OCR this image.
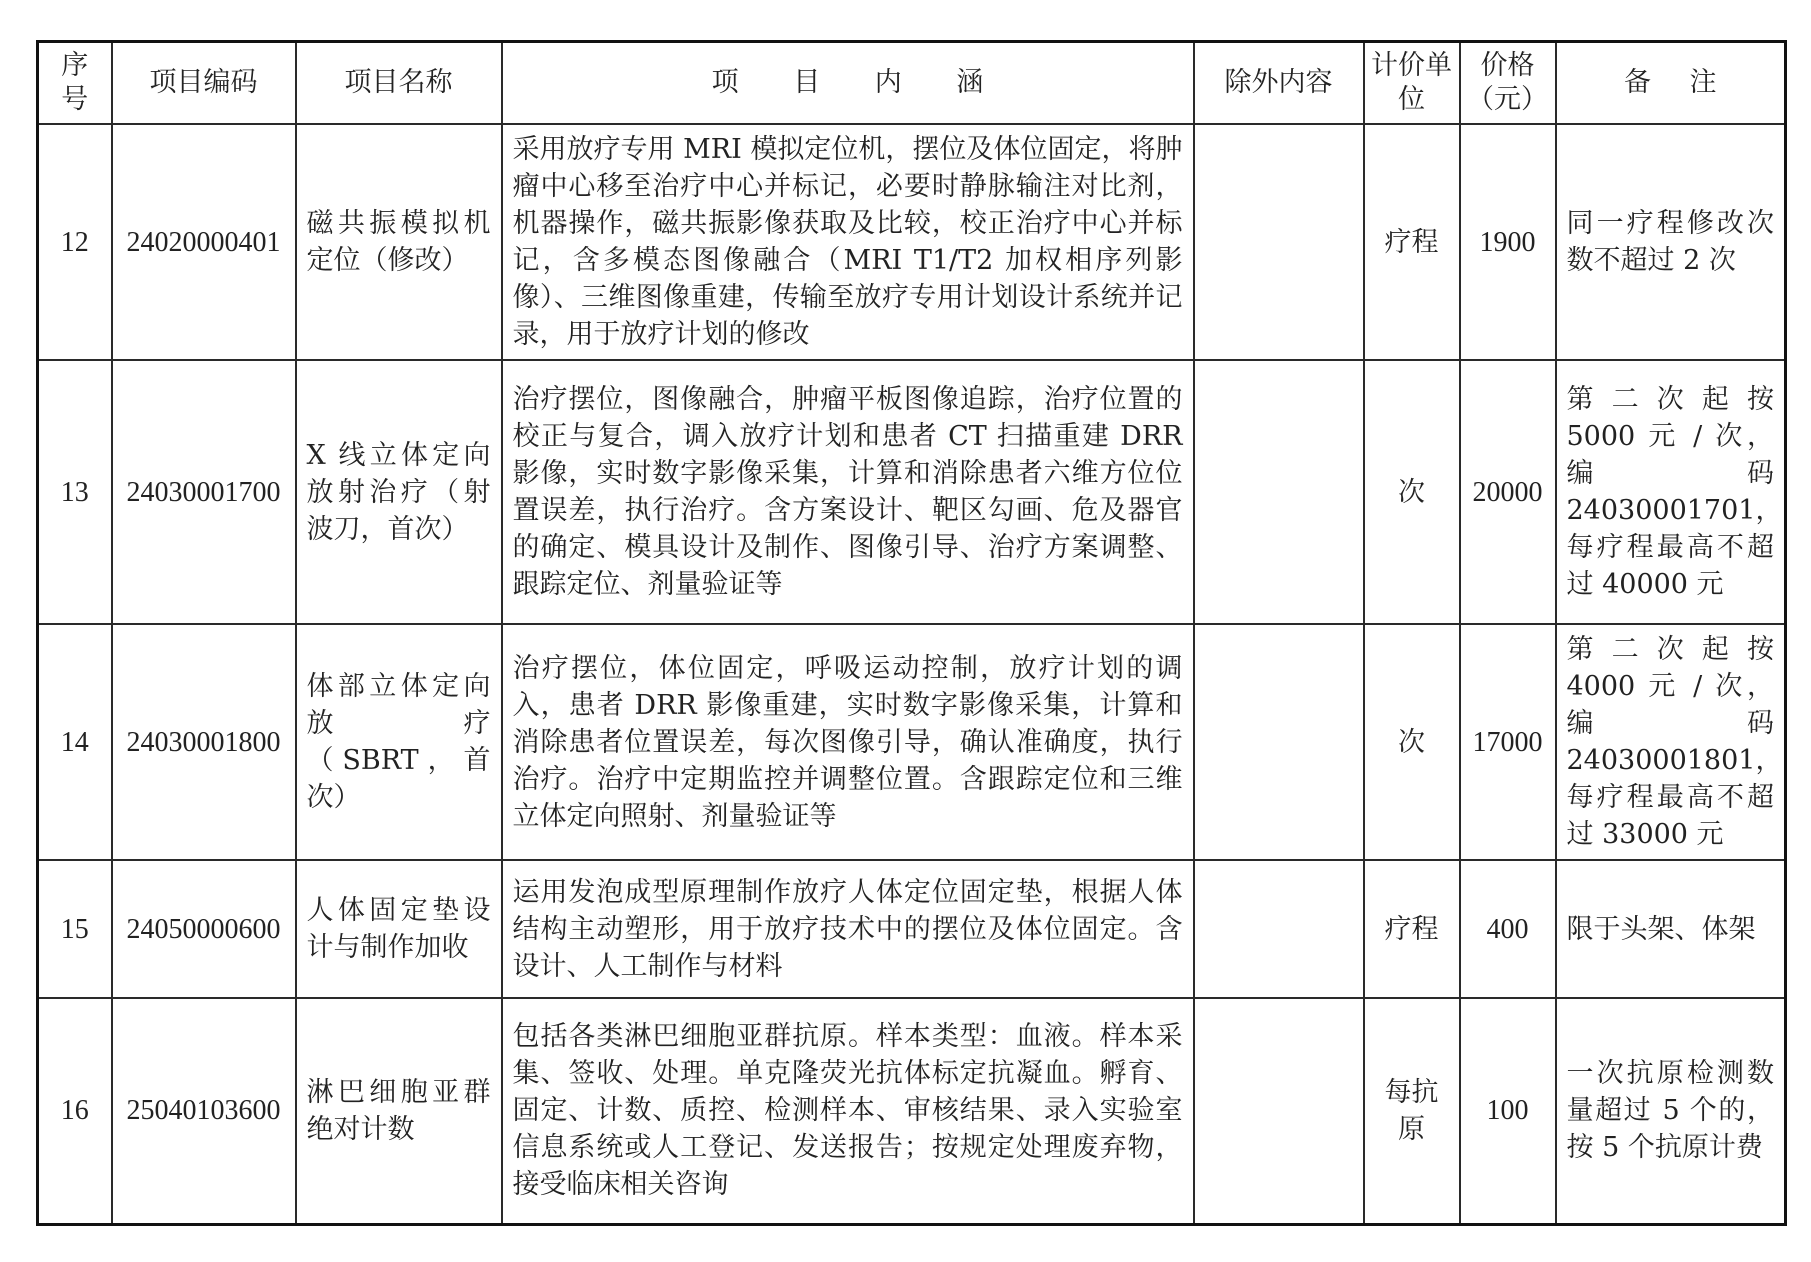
序号	项目编码	项目名称	项 目 内 涵	除外内容	计价单位	价格（元）	备 注
12	24020000401	磁共振模拟机定位（修改）	采用放疗专用 MRI 模拟定位机，摆位及体位固定，将肿瘤中心移至治疗中心并标记，必要时静脉输注对比剂，机器操作，磁共振影像获取及比较，校正治疗中心并标记，含多模态图像融合（MRI T1/T2 加权相序列影像）、三维图像重建，传输至放疗专用计划设计系统并记录，用于放疗计划的修改		疗程	1900	同一疗程修改次数不超过 2 次
13	24030001700	X 线立体定向放射治疗（射波刀，首次）	治疗摆位，图像融合，肿瘤平板图像追踪，治疗位置的校正与复合，调入放疗计划和患者 CT 扫描重建 DRR 影像，实时数字影像采集，计算和消除患者六维方位位置误差，执行治疗。含方案设计、靶区勾画、危及器官的确定、模具设计及制作、图像引导、治疗方案调整、跟踪定位、剂量验证等		次	20000	第二次起按 5000 元 / 次， 编 码 24030001701，每疗程最高不超过 40000 元
14	24030001800	体部立体定向放疗（SBRT，首次）	治疗摆位，体位固定，呼吸运动控制，放疗计划的调入，患者 DRR 影像重建，实时数字影像采集，计算和消除患者位置误差，每次图像引导，确认准确度，执行治疗。治疗中定期监控并调整位置。含跟踪定位和三维立体定向照射、剂量验证等		次	17000	第二次起按 4000 元 / 次， 编 码 24030001801，每疗程最高不超过 33000 元
15	24050000600	人体固定垫设计与制作加收	运用发泡成型原理制作放疗人体定位固定垫，根据人体结构主动塑形，用于放疗技术中的摆位及体位固定。含设计、人工制作与材料		疗程	400	限于头架、体架
16	25040103600	淋巴细胞亚群绝对计数	包括各类淋巴细胞亚群抗原。样本类型：血液。样本采集、签收、处理。单克隆荧光抗体标定抗凝血。孵育、固定、计数、质控、检测样本、审核结果、录入实验室信息系统或人工登记、发送报告；按规定处理废弃物，接受临床相关咨询		每抗原	100	一次抗原检测数量超过 5 个的，按 5 个抗原计费
